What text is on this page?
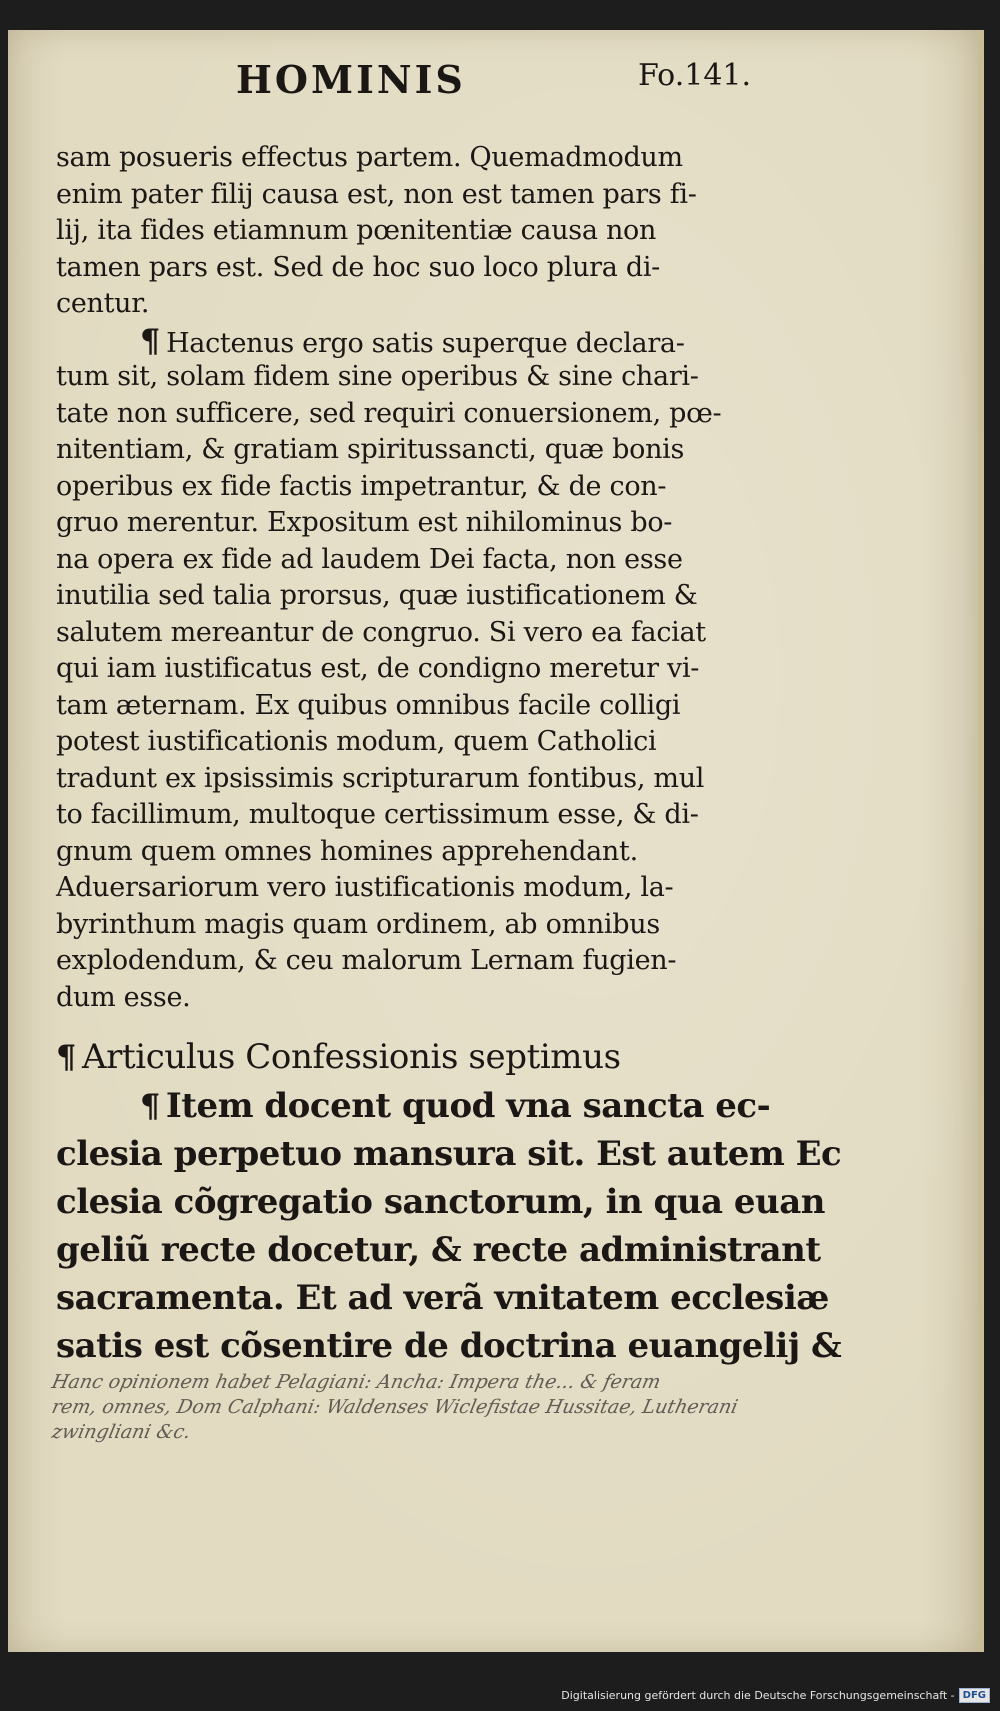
HOMINIS	Fo.141.
sam posueris effectus partem. Quemadmodum
enim pater filij causa est, non est tamen pars fi-
lij, ita fides etiamnum pœnitentiæ causa non
tamen pars est. Sed de hoc suo loco plura di-
centur.
¶ Hactenus ergo satis superque declara-
tum sit, solam fidem sine operibus & sine chari-
tate non sufficere, sed requiri conuersionem, pœ-
nitentiam, & gratiam spiritussancti, quæ bonis
operibus ex fide factis impetrantur, & de con-
gruo merentur. Expositum est nihilominus bo-
na opera ex fide ad laudem Dei facta, non esse
inutilia sed talia prorsus, quæ iustificationem &
salutem mereantur de congruo. Si vero ea faciat
qui iam iustificatus est, de condigno meretur vi-
tam æternam. Ex quibus omnibus facile colligi
potest iustificationis modum, quem Catholici
tradunt ex ipsissimis scripturarum fontibus, mul
to facillimum, multoque certissimum esse, & di-
gnum quem omnes homines apprehendant.
Aduersariorum vero iustificationis modum, la-
byrinthum magis quam ordinem, ab omnibus
explodendum, & ceu malorum Lernam fugien-
dum esse.
¶ Articulus Confessionis septimus
¶ Item docent quod vna sancta ec-
clesia perpetuo mansura sit. Est autem Ec
clesia cõgregatio sanctorum, in qua euan
geliũ recte docetur, & recte administrant
sacramenta. Et ad verã vnitatem ecclesiæ
satis est cõsentire de doctrina euangelij &
Hanc opinionem habet Pelagiani: Ancha: Impera the... & feram
rem, omnes, Dom Calphani: Waldenses Wiclefistae Hussitae, Lutherani
zwingliani &c.
Digitalisierung gefördert durch die Deutsche Forschungsgemeinschaft - DFG
